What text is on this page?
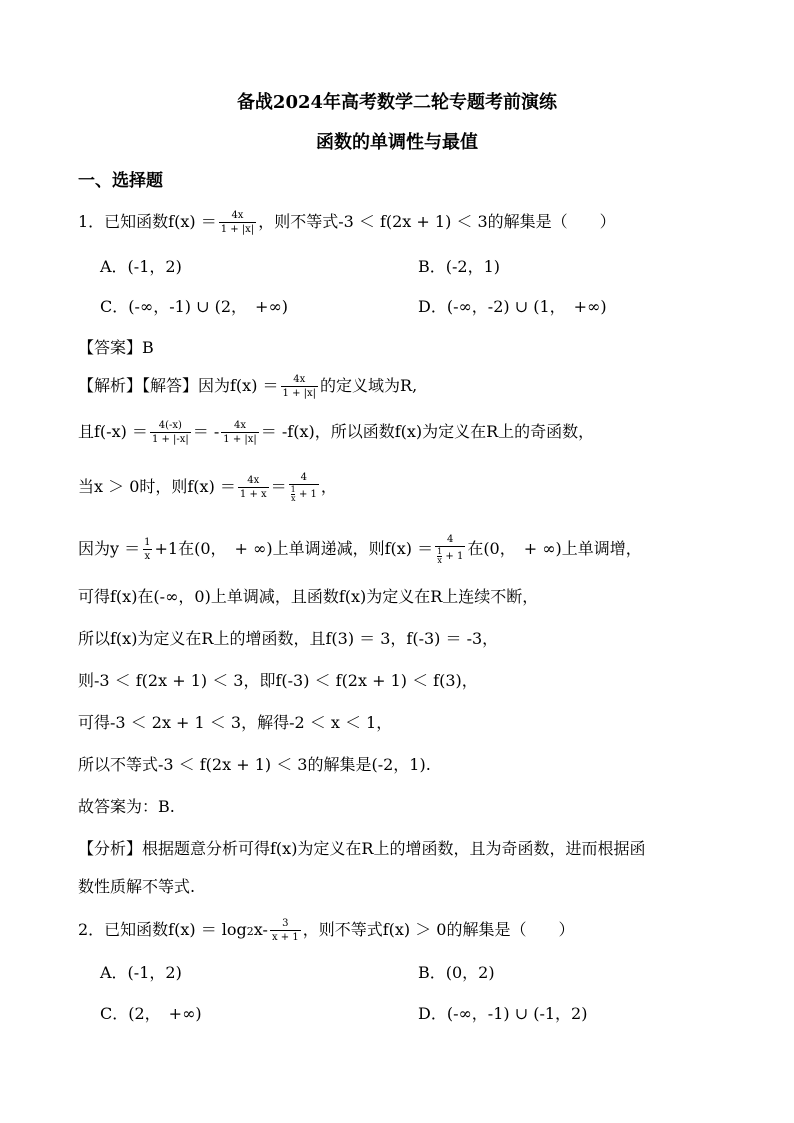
备战2024年高考数学二轮专题考前演练
函数的单调性与最值
一、选择题
1．已知函数$f(x) = \frac{4x}{1 + |x|}$ ，则不等式-3 ＜ f(2x + 1) ＜ 3的解集是（　　）
A．(-1，2)	B．(-2，1)
C．(-∞，-1) ∪ (2，　+∞)	D．(-∞，-2) ∪ (1，　+∞)
【答案】B
【解析】【解答】因为$f(x) = \frac{4x}{1 + |x|}$ 的定义域为R,
且$f(-x) = \frac{4(-x)}{1 + |-x|}$ ＝ - $\frac{4x}{1 + |x|} = -f(x)$，所以函数f(x)为定义在R上的奇函数，
当x ＞ 0时，则$f(x) = \frac{4x}{1 + x} = 4$
1
x
+ 1 ，
因为$y = \frac{1}{x} +1$在(0，　+ ∞)上单调递减，则f(x) ＝ 4
1
x
+ 1 在(0，　+ ∞)上单调增，
可得f(x)在(-∞，0)上单调减，且函数f(x)为定义在R上连续不断，
所以f(x)为定义在R上的增函数，且f(3) ＝ 3，f(-3) ＝ -3，
则-3 ＜ f(2x + 1) ＜ 3，即f(-3) ＜ f(2x + 1) ＜ f(3)，
可得-3 ＜ 2x + 1 ＜ 3，解得-2 ＜ x ＜ 1，
所以不等式-3 ＜ f(2x + 1) ＜ 3的解集是(-2，1).
故答案为：B.
【分析】根据题意分析可得f(x)为定义在R上的增函数，且为奇函数，进而根据函
数性质解不等式.
2．已知函数$f(x) = \log 2x- \frac{3}{x + 1}$ ，则不等式f(x) ＞ 0的解集是（　　）
A．(-1，2)	B．(0，2)
C．(2，　+∞)	D．(-∞，-1) ∪ (-1，2)
